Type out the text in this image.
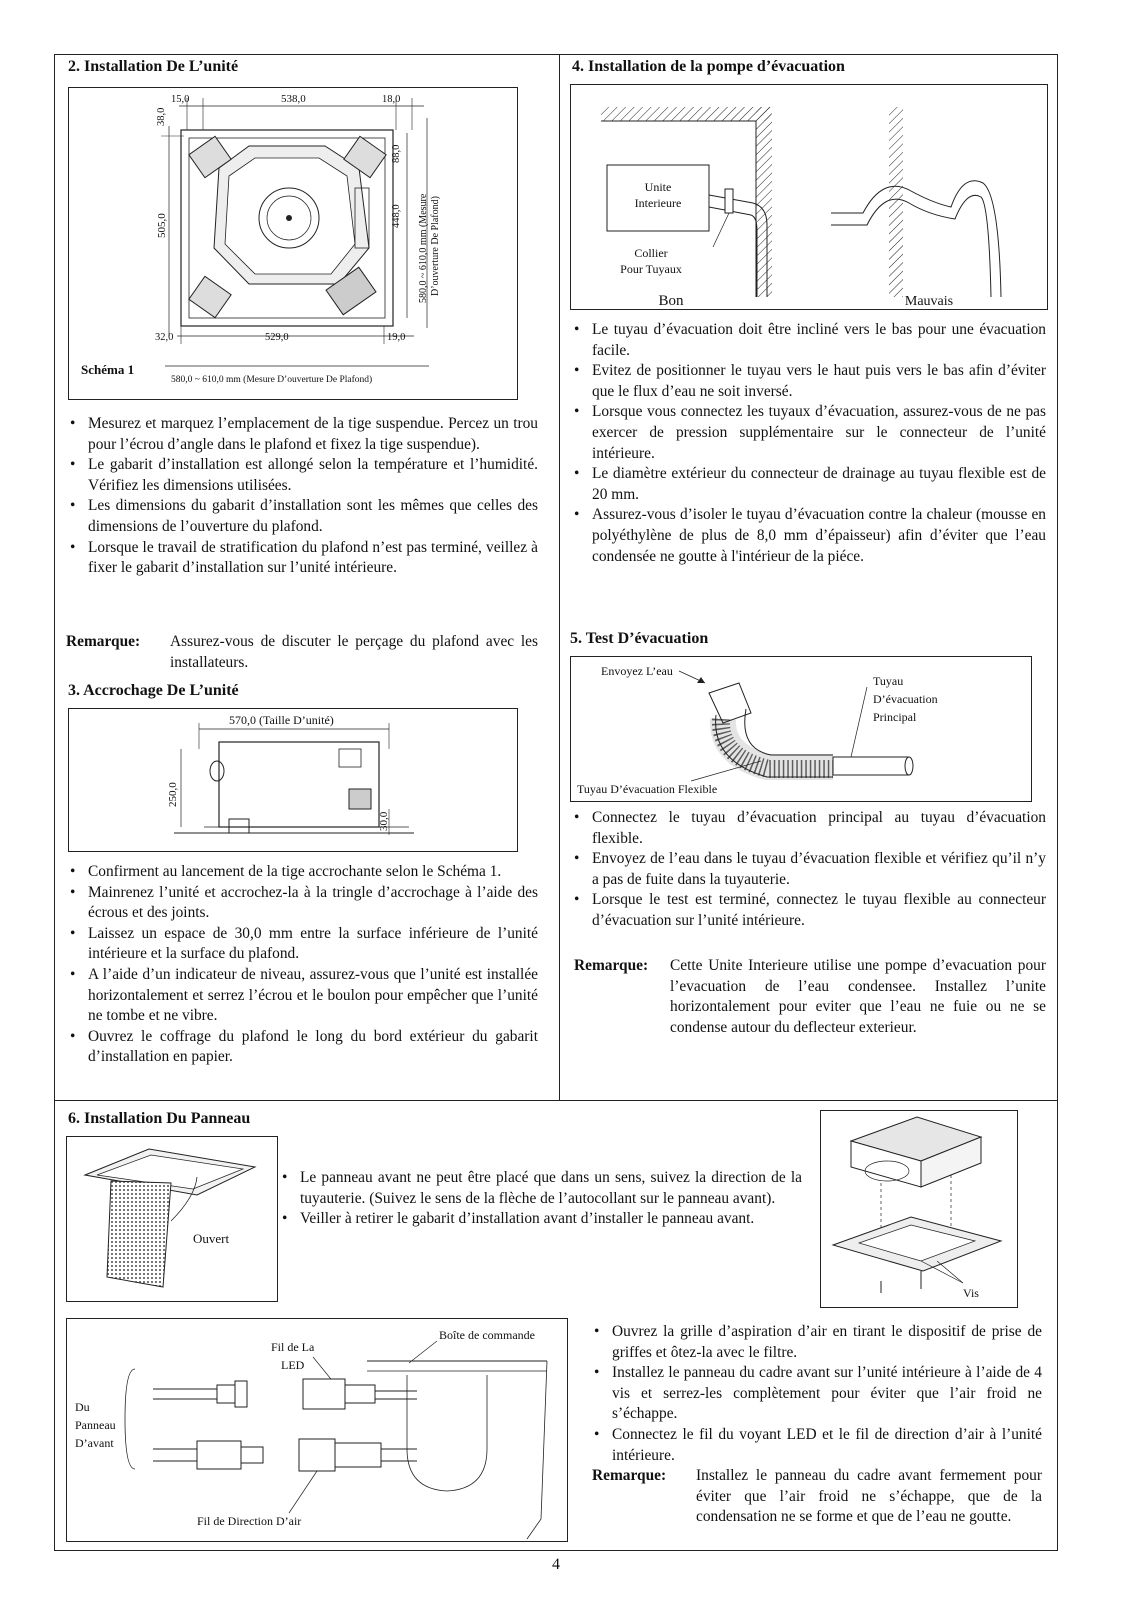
2. Installation De L’unité
15,0	538,0	18,0
38,0
505,0
88,0
448,0 580,0 ~ 610,0 mm (Mesure D’ouverture De Plafond)
32,0	529,0	19,0
Schéma 1
580,0 ~ 610,0 mm (Mesure D’ouverture De Plafond)
• Mesurez et marquez l’emplacement de la tige suspendue. Percez un trou pour l’écrou d’angle dans le plafond et fixez la tige suspendue).
• Le gabarit d’installation est allongé selon la température et l’humidité. Vérifiez les dimensions utilisées.
• Les dimensions du gabarit d’installation sont les mêmes que celles des dimensions de l’ouverture du plafond.
• Lorsque le travail de stratification du plafond n’est pas terminé, veillez à fixer le gabarit d’installation sur l’unité intérieure.
Remarque: Assurez-vous de discuter le perçage du plafond avec les installateurs.
3. Accrochage De L’unité
570,0 (Taille D’unité)
250,0
30,0
• Confirment au lancement de la tige accrochante selon le Schéma 1.
• Mainrenez l’unité et accrochez-la à la tringle d’accrochage à l’aide des écrous et des joints.
• Laissez un espace de 30,0 mm entre la surface inférieure de l’unité intérieure et la surface du plafond.
• A l’aide d’un indicateur de niveau, assurez-vous que l’unité est installée horizontalement et serrez l’écrou et le boulon pour empêcher que l’unité ne tombe et ne vibre.
• Ouvrez le coffrage du plafond le long du bord extérieur du gabarit d’installation en papier.
4. Installation de la pompe d’évacuation
Unite
Interieure
Collier
Pour Tuyaux
Bon	Mauvais
• Le tuyau d’évacuation doit être incliné vers le bas pour une évacuation facile.
• Evitez de positionner le tuyau vers le haut puis vers le bas afin d’éviter que le flux d’eau ne soit inversé.
• Lorsque vous connectez les tuyaux d’évacuation, assurez-vous de ne pas exercer de pression supplémentaire sur le connecteur de l’unité intérieure.
• Le diamètre extérieur du connecteur de drainage au tuyau flexible est de 20 mm.
• Assurez-vous d’isoler le tuyau d’évacuation contre la chaleur (mousse en polyéthylène de plus de 8,0 mm d’épaisseur) afin d’éviter que l’eau condensée ne goutte à l'intérieur de la piéce.
5. Test D’évacuation
Envoyez L’eau
Tuyau
D’évacuation
Principal
Tuyau D’évacuation Flexible
• Connectez le tuyau d’évacuation principal au tuyau d’évacuation flexible.
• Envoyez de l’eau dans le tuyau d’évacuation flexible et vérifiez qu’il n’y a pas de fuite dans la tuyauterie.
• Lorsque le test est terminé, connectez le tuyau flexible au connecteur d’évacuation sur l’unité intérieure.
Remarque: Cette Unite Interieure utilise une pompe d’evacuation pour l’evacuation de l’eau condensee. Installez l’unite horizontalement pour eviter que l’eau ne fuie ou ne se condense autour du deflecteur exterieur.
6. Installation Du Panneau
Ouvert
• Le panneau avant ne peut être placé que dans un sens, suivez la direction de la tuyauterie. (Suivez le sens de la flèche de l’autocollant sur le panneau avant).
• Veiller à retirer le gabarit d’installation avant d’installer le panneau avant.
Vis
Boîte de commande
Fil de La
LED
Du
Panneau
D’avant
Fil de Direction D’air
• Ouvrez la grille d’aspiration d’air en tirant le dispositif de prise de griffes et ôtez-la avec le filtre.
• Installez le panneau du cadre avant sur l’unité intérieure à l’aide de 4 vis et serrez-les complètement pour éviter que l’air froid ne s’échappe.
• Connectez le fil du voyant LED et le fil de direction d’air à l’unité intérieure.
Remarque: Installez le panneau du cadre avant fermement pour éviter que l’air froid ne s’échappe, que de la condensation ne se forme et que de l’eau ne goutte.
4
